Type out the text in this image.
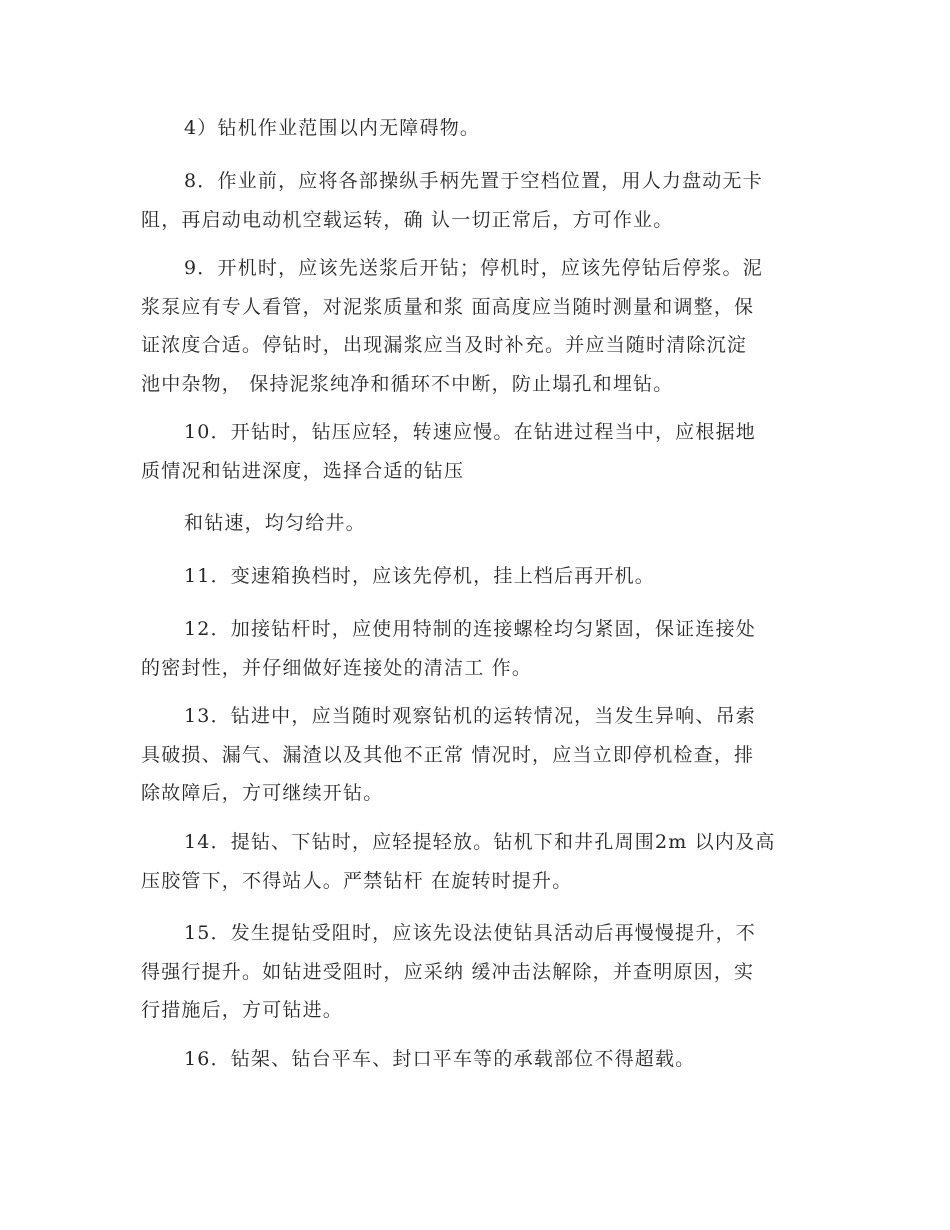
4）钻机作业范围以内无障碍物。

8．作业前，应将各部操纵手柄先置于空档位置，用人力盘动无卡
阻，再启动电动机空载运转，确 认一切正常后，方可作业。

9．开机时，应该先送浆后开钻；停机时，应该先停钻后停浆。泥
浆泵应有专人看管，对泥浆质量和浆 面高度应当随时测量和调整，保
证浓度合适。停钻时，出现漏浆应当及时补充。并应当随时清除沉淀
池中杂物， 保持泥浆纯净和循环不中断，防止塌孔和埋钻。

10．开钻时，钻压应轻，转速应慢。在钻进过程当中，应根据地
质情况和钻进深度，选择合适的钻压

和钻速，均匀给井。

11．变速箱换档时，应该先停机，挂上档后再开机。

12．加接钻杆时，应使用特制的连接螺栓均匀紧固，保证连接处
的密封性，并仔细做好连接处的清洁工 作。

13．钻进中，应当随时观察钻机的运转情况，当发生异响、吊索
具破损、漏气、漏渣以及其他不正常 情况时，应当立即停机检查，排
除故障后，方可继续开钻。

14．提钻、下钻时，应轻提轻放。钻机下和井孔周围2m 以内及高
压胶管下，不得站人。严禁钻杆 在旋转时提升。

15．发生提钻受阻时，应该先设法使钻具活动后再慢慢提升，不
得强行提升。如钻进受阻时，应采纳 缓冲击法解除，并查明原因，实
行措施后，方可钻进。

16．钻架、钻台平车、封口平车等的承载部位不得超载。
